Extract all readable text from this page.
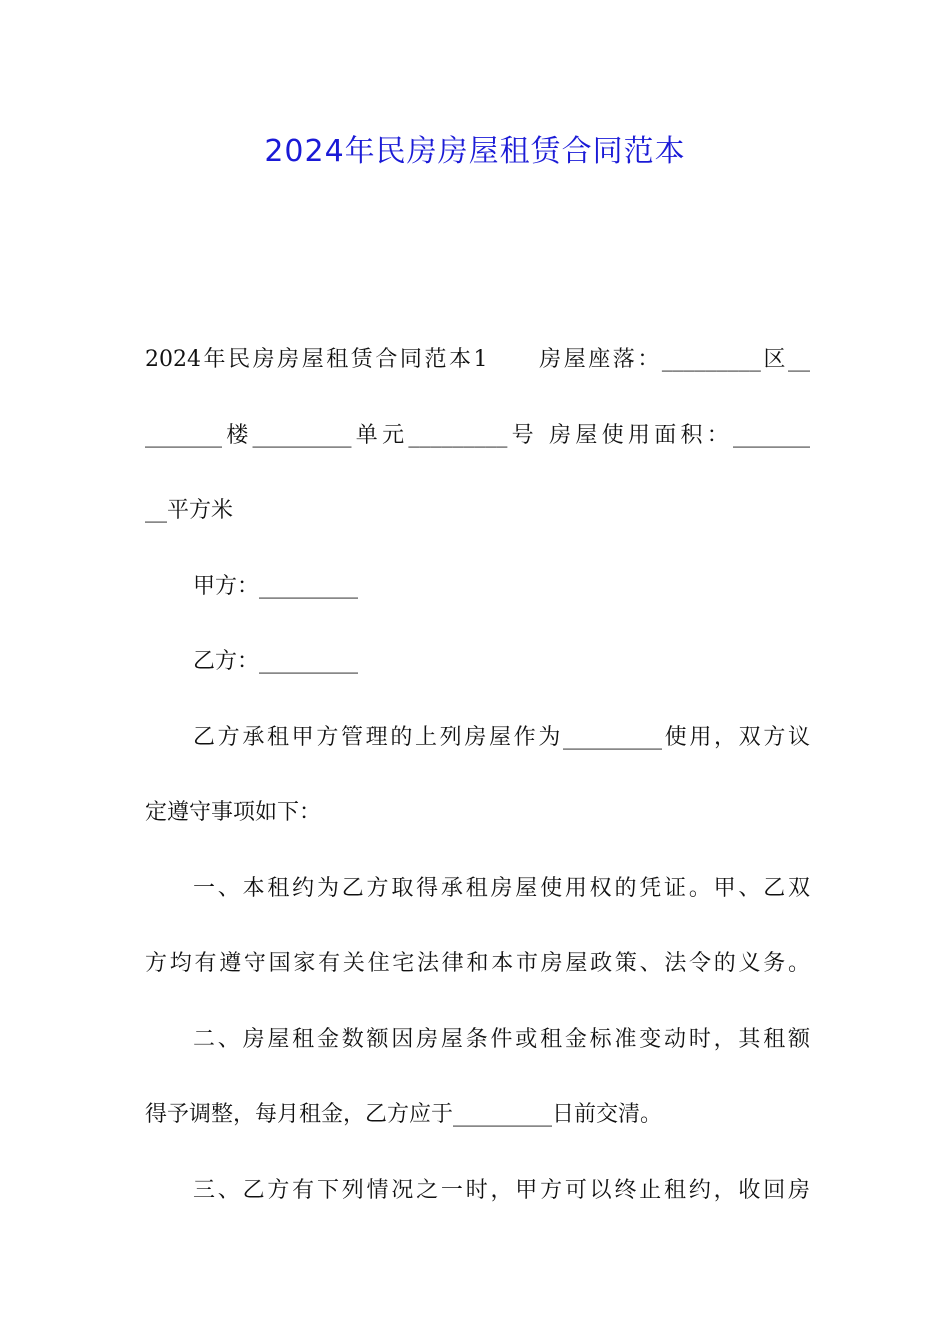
2024年民房房屋租赁合同范本
2024年民房房屋租赁合同范本1　　房屋座落：_________区__
_______楼_________单元_________号 房屋使用面积：_______
__平方米
甲方：_________
乙方：_________
乙方承租甲方管理的上列房屋作为_________使用，双方议
定遵守事项如下：
一、本租约为乙方取得承租房屋使用权的凭证。甲、乙双
方均有遵守国家有关住宅法律和本市房屋政策、法令的义务。
二、房屋租金数额因房屋条件或租金标准变动时，其租额
得予调整，每月租金，乙方应于_________日前交清。
三、乙方有下列情况之一时，甲方可以终止租约，收回房
